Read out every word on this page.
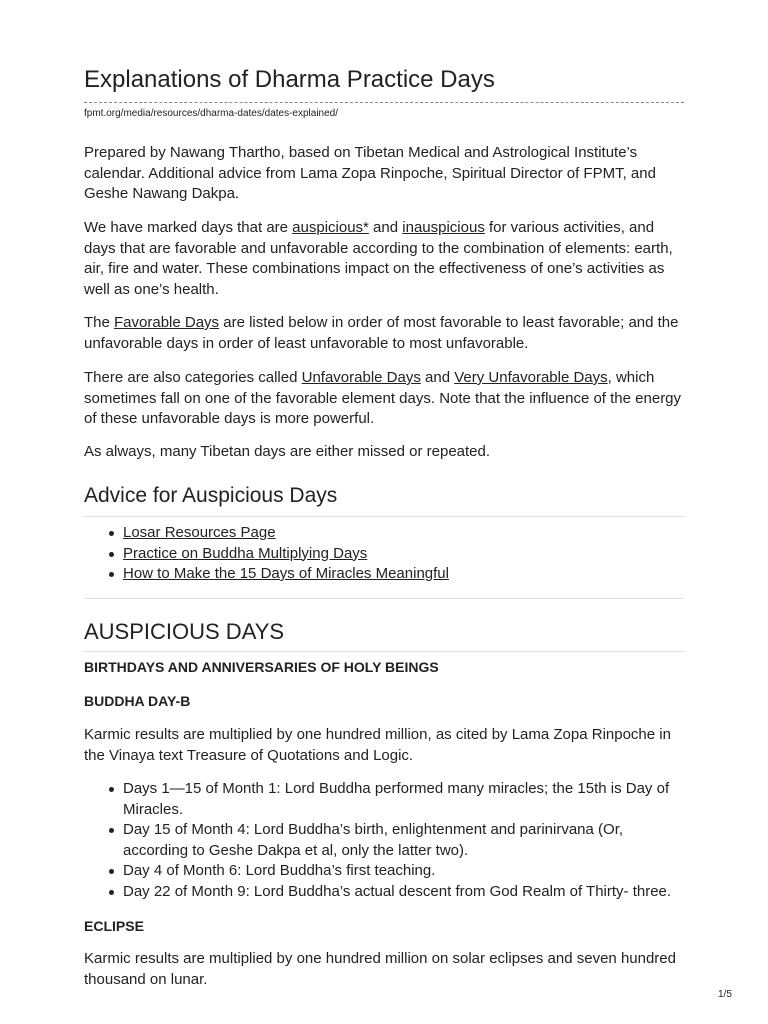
Explanations of Dharma Practice Days

fpmt.org/media/resources/dharma-dates/dates-explained/

Prepared by Nawang Thartho, based on Tibetan Medical and Astrological Institute’s calendar. Additional advice from Lama Zopa Rinpoche, Spiritual Director of FPMT, and Geshe Nawang Dakpa.

We have marked days that are auspicious* and inauspicious for various activities, and days that are favorable and unfavorable according to the combination of elements: earth, air, fire and water. These combinations impact on the effectiveness of one’s activities as well as one’s health.

The Favorable Days are listed below in order of most favorable to least favorable; and the unfavorable days in order of least unfavorable to most unfavorable.

There are also categories called Unfavorable Days and Very Unfavorable Days, which sometimes fall on one of the favorable element days. Note that the influence of the energy of these unfavorable days is more powerful.

As always, many Tibetan days are either missed or repeated.

Advice for Auspicious Days
Losar Resources Page
Practice on Buddha Multiplying Days
How to Make the 15 Days of Miracles Meaningful
AUSPICIOUS DAYS

BIRTHDAYS AND ANNIVERSARIES OF HOLY BEINGS

BUDDHA DAY-B

Karmic results are multiplied by one hundred million, as cited by Lama Zopa Rinpoche in the Vinaya text Treasure of Quotations and Logic.

Days 1—15 of Month 1: Lord Buddha performed many miracles; the 15th is Day of Miracles.
Day 15 of Month 4: Lord Buddha’s birth, enlightenment and parinirvana (Or, according to Geshe Dakpa et al, only the latter two).
Day 4 of Month 6: Lord Buddha’s first teaching.
Day 22 of Month 9: Lord Buddha’s actual descent from God Realm of Thirty- three.

ECLIPSE

Karmic results are multiplied by one hundred million on solar eclipses and seven hundred thousand on lunar.

1/5
